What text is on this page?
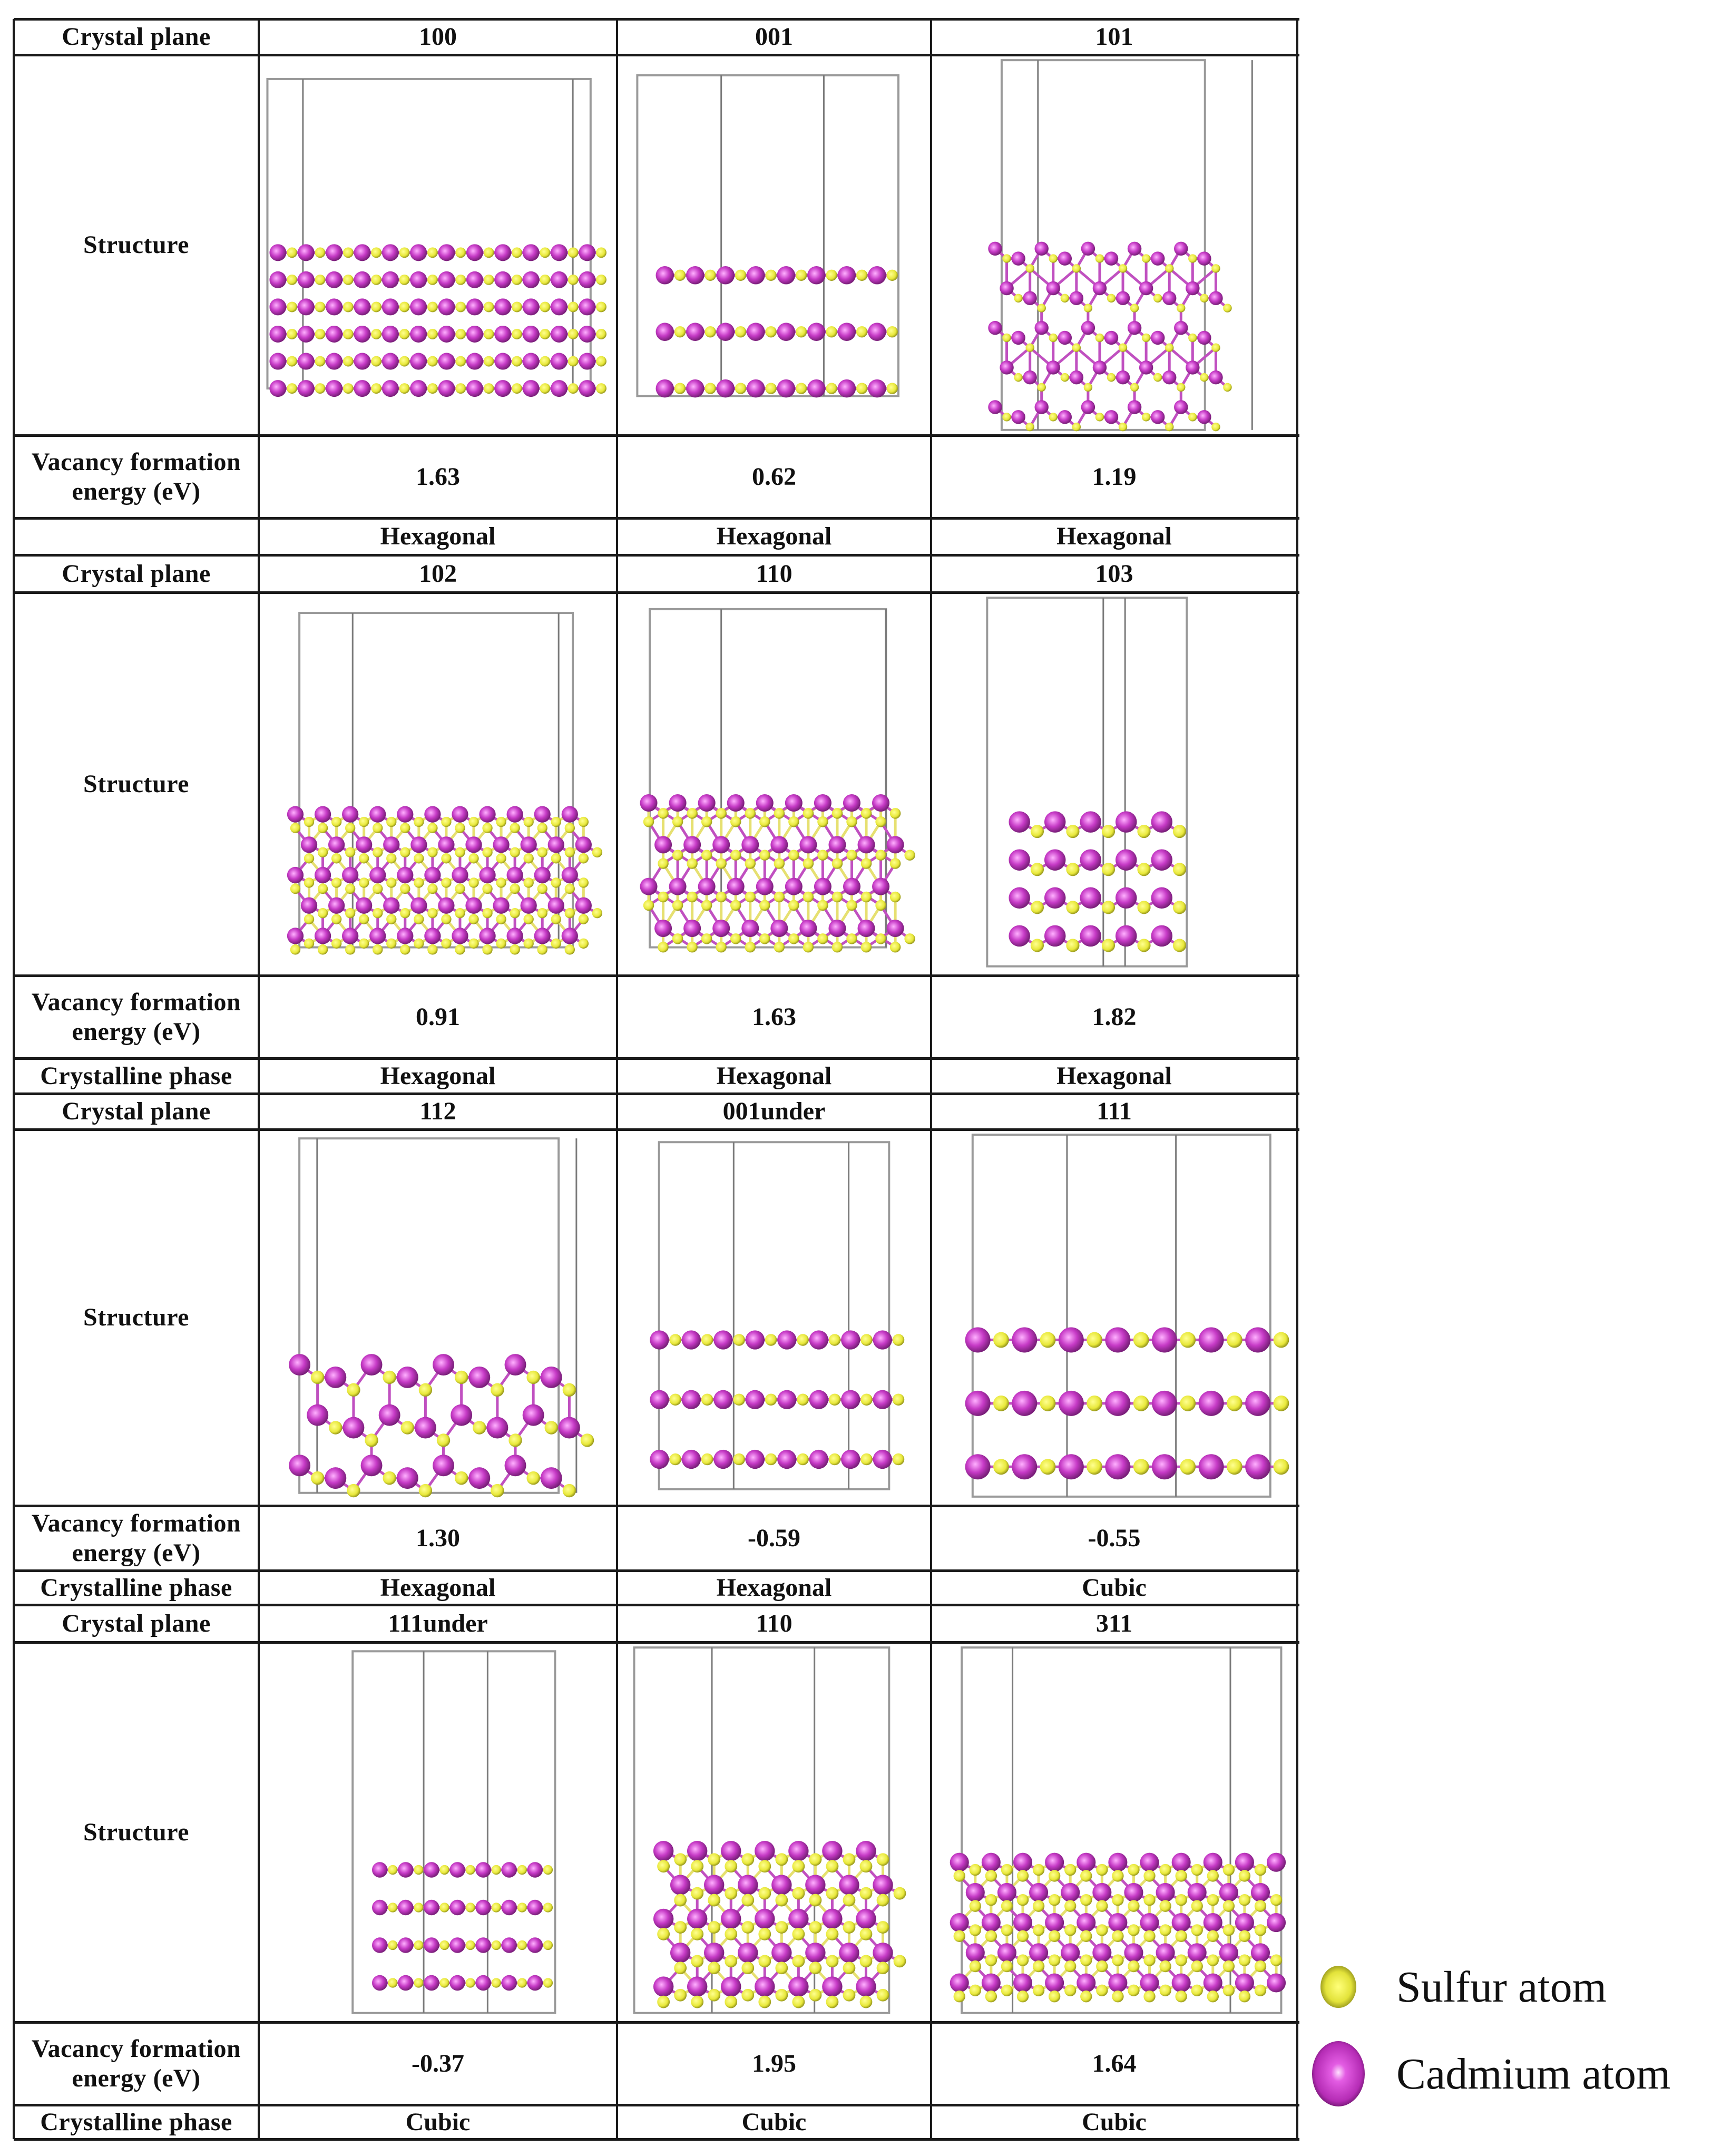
Crystal plane
Structure
Vacancy formation
energy (eV)
100
1.63
Hexagonal
001
0.62
Hexagonal
101
1.19
Hexagonal
Crystal plane
Structure
Vacancy formation
energy (eV)
Crystalline phase
102
0.91
Hexagonal
110
1.63
Hexagonal
103
1.82
Hexagonal
Crystal plane
Structure
Vacancy formation
energy (eV)
Crystalline phase
112
1.30
Hexagonal
001under
-0.59
Hexagonal
111
-0.55
Cubic
Crystal plane
Structure
Vacancy formation
energy (eV)
Crystalline phase
111under
-0.37
Cubic
110
1.95
Cubic
311
1.64
Cubic
Sulfur atom
Cadmium atom
